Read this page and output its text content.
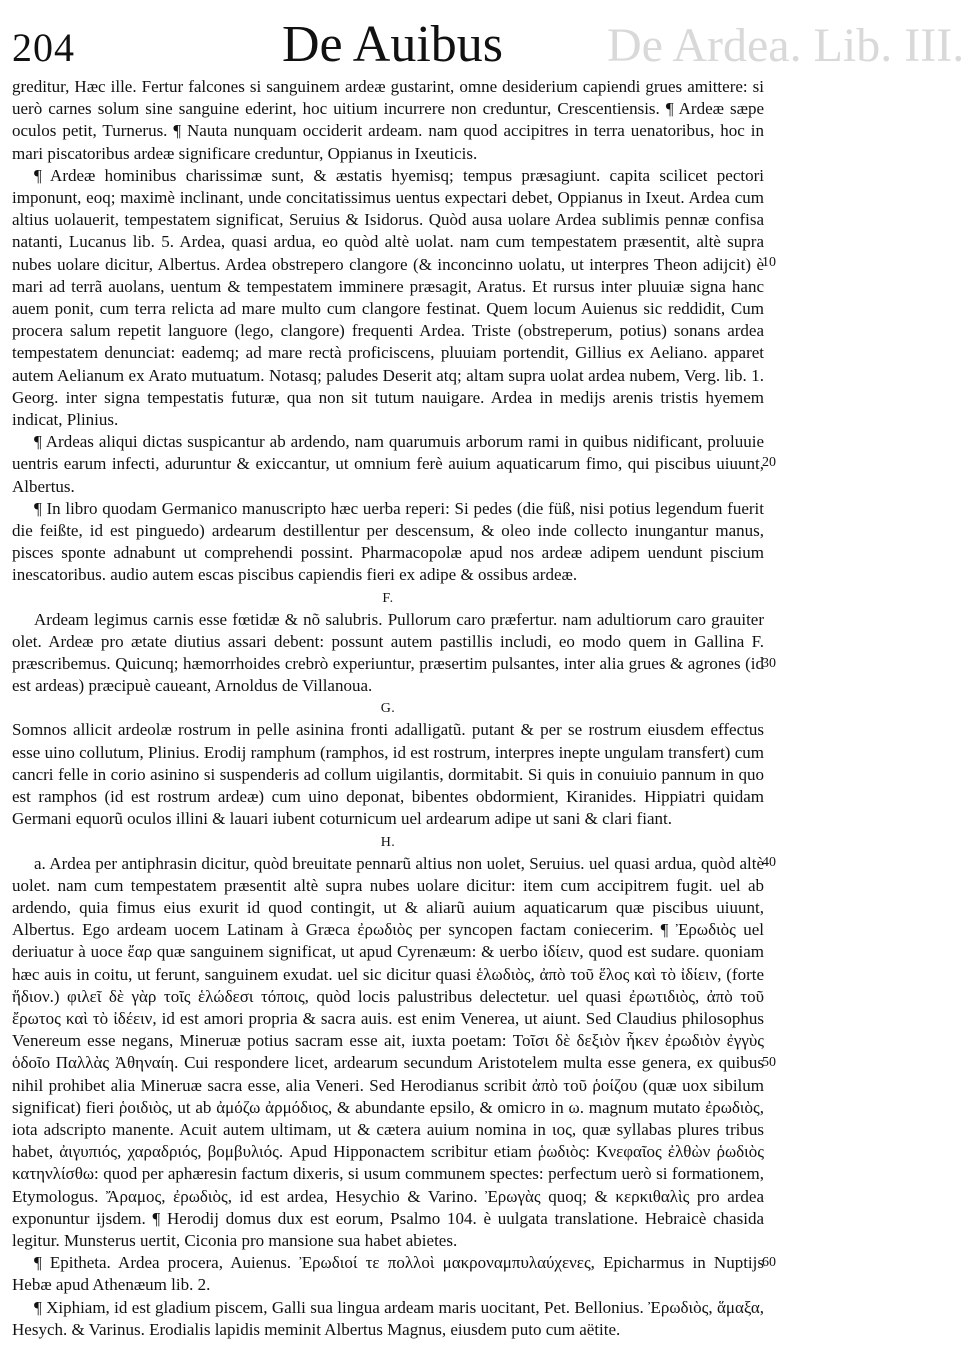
204	De Auibus De Ardea. Lib. III.

greditur, Hæc ille. Fertur falcones si sanguinem ardeæ gustarint, omne desiderium capiendi grues amittere: si uerò carnes solum sine sanguine ederint, hoc uitium incurrere non creduntur, Crescentiensis. ¶ Ardeæ sæpe oculos petit, Turnerus. ¶ Nauta nunquam occiderit ardeam. nam quod accipitres in terra uenatoribus, hoc in mari piscatoribus ardeæ significare creduntur, Oppianus in Ixeuticis.

¶ Ardeæ hominibus charissimæ sunt, & æstatis hyemisq; tempus præsagiunt. capita scilicet pectori imponunt, eoq; maximè inclinant, unde concitatissimus uentus expectari debet, Oppianus in Ixeut. Ardea cum altius uolauerit, tempestatem significat, Seruius & Isidorus. Quòd ausa uolare Ardea sublimis pennæ confisa natanti, Lucanus lib. 5. Ardea, quasi ardua, eo quòd altè uolat. nam cum tempestatem præsentit, altè supra nubes uolare dicitur, Albertus. Ardea obstrepero clangore (& inconcinno uolatu, ut interpres Theon adijcit) è mari ad terrã auolans, uentum & tempestatem imminere præsagit, Aratus. Et rursus inter pluuiæ signa hanc auem ponit, cum terra relicta ad mare multo cum clangore festinat. Quem locum Auienus sic reddidit, Cum procera salum repetit languore (lego, clangore) frequenti Ardea. Triste (obstreperum, potius) sonans ardea tempestatem denunciat: eademq; ad mare rectà proficiscens, pluuiam portendit, Gillius ex Aeliano. apparet autem Aelianum ex Arato mutuatum. Notasq; paludes Deserit atq; altam supra uolat ardea nubem, Verg. lib. 1. Georg. inter signa tempestatis futuræ, qua non sit tutum nauigare. Ardea in medijs arenis tristis hyemem indicat, Plinius.

¶ Ardeas aliqui dictas suspicantur ab ardendo, nam quarumuis arborum rami in quibus nidificant, proluuie uentris earum infecti, aduruntur & exiccantur, ut omnium ferè auium aquaticarum fimo, qui piscibus uiuunt, Albertus.

¶ In libro quodam Germanico manuscripto hæc uerba reperi: Si pedes (die füß, nisi potius legendum fuerit die feißte, id est pinguedo) ardearum destillentur per descensum, & oleo inde collecto inungantur manus, pisces sponte adnabunt ut comprehendi possint. Pharmacopolæ apud nos ardeæ adipem uendunt piscium inescatoribus. audio autem escas piscibus capiendis fieri ex adipe & ossibus ardeæ.

F.

Ardeam legimus carnis esse fœtidæ & nõ salubris. Pullorum caro præfertur. nam adultiorum caro grauiter olet. Ardeæ pro ætate diutius assari debent: possunt autem pastillis includi, eo modo quem in Gallina F. præscribemus. Quicunq; hæmorrhoides crebrò experiuntur, præsertim pulsantes, inter alia grues & agrones (id est ardeas) præcipuè caueant, Arnoldus de Villanoua.

G.

Somnos allicit ardeolæ rostrum in pelle asinina fronti adalligatũ. putant & per se rostrum eiusdem effectus esse uino collutum, Plinius. Erodij ramphum (ramphos, id est rostrum, interpres inepte ungulam transfert) cum cancri felle in corio asinino si suspenderis ad collum uigilantis, dormitabit. Si quis in conuiuio pannum in quo est ramphos (id est rostrum ardeæ) cum uino deponat, bibentes obdormient, Kiranides. Hippiatri quidam Germani equorũ oculos illini & lauari iubent coturnicum uel ardearum adipe ut sani & clari fiant.

H.

a. Ardea per antiphrasin dicitur, quòd breuitate pennarũ altius non uolet, Seruius. uel quasi ardua, quòd altè uolet. nam cum tempestatem præsentit altè supra nubes uolare dicitur: item cum accipitrem fugit. uel ab ardendo, quia fimus eius exurit id quod contingit, ut & aliarũ auium aquaticarum quæ piscibus uiuunt, Albertus. Ego ardeam uocem Latinam à Græca ἐρωδιὸς per syncopen factam coniecerim. ¶ Ἐρωδιὸς uel deriuatur à uoce ἔαρ quæ sanguinem significat, ut apud Cyrenæum: & uerbo ἰδίειν, quod est sudare. quoniam hæc auis in coitu, ut ferunt, sanguinem exudat. uel sic dicitur quasi ἑλωδιὸς, ἀπὸ τοῦ ἕλος καὶ τὸ ἰδίειν, (forte ἥδιον.) φιλεῖ δὲ γὰρ τοῖς ἑλώδεσι τόποις, quòd locis palustribus delectetur. uel quasi ἐρωτιδιὸς, ἀπὸ τοῦ ἔρωτος καὶ τὸ ἰδέειν, id est amori propria & sacra auis. est enim Venerea, ut aiunt. Sed Claudius philosophus Venereum esse negans, Mineruæ potius sacram esse ait, iuxta poetam: Τοῖσι δὲ δεξιὸν ἧκεν ἐρωδιὸν ἐγγὺς ὁδοῖο Παλλὰς Ἀθηναίη. Cui respondere licet, ardearum secundum Aristotelem multa esse genera, ex quibus nihil prohibet alia Mineruæ sacra esse, alia Veneri. Sed Herodianus scribit ἀπὸ τοῦ ῥοίζου (quæ uox sibilum significat) fieri ῥοιδιὸς, ut ab ἀμόζω ἀρμόδιος, & abundante epsilo, & omicro in ω. magnum mutato ἐρωδιὸς, iota adscripto manente. Acuit autem ultimam, ut & cætera auium nomina in ιος, quæ syllabas plures tribus habet, ἀιγυπιός, χαραδριός, βομβυλιός. Apud Hipponactem scribitur etiam ῥωδιὸς: Κνεφαῖος ἐλθὼν ῥωδιὸς κατηνλίσθω: quod per aphæresin factum dixeris, si usum communem spectes: perfectum uerò si formationem, Etymologus. Ἄραμος, ἐρωδιὸς, id est ardea, Hesychio & Varino. Ἐρωγὰς quoq; & κερκιθαλὶς pro ardea exponuntur ijsdem. ¶ Herodij domus dux est eorum, Psalmo 104. è uulgata translatione. Hebraicè chasida legitur. Munsterus uertit, Ciconia pro mansione sua habet abietes.

¶ Epitheta. Ardea procera, Auienus. Ἐρωδιοί τε πολλοὶ μακροναμπυλαύχενες, Epicharmus in Nuptijs Hebæ apud Athenæum lib. 2.

¶ Xiphiam, id est gladium piscem, Galli sua lingua ardeam maris uocitant, Pet. Bellonius. Ἐρωδιὸς, ἅμαξα, Hesych. & Varinus. Erodialis lapidis meminit Albertus Magnus, eiusdem puto cum aëtite.

10
20
30
40
50
60
